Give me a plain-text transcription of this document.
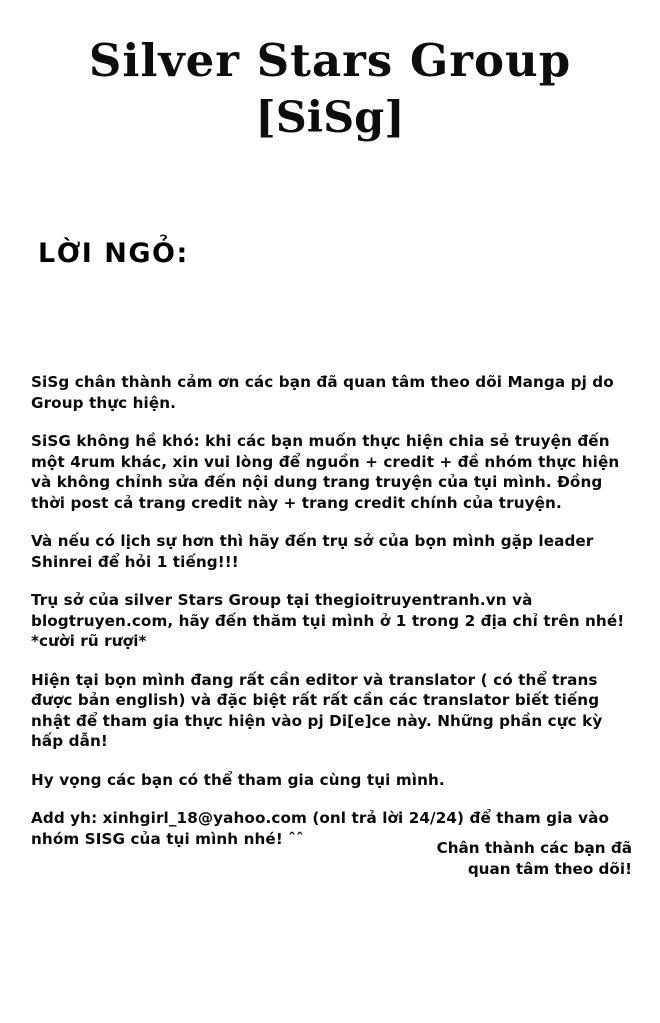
Silver Stars Group
[SiSg]
LỜI NGỎ:

SiSg chân thành cảm ơn các bạn đã quan tâm theo dõi Manga pj do Group thực hiện.

SiSG không hề khó: khi các bạn muốn thực hiện chia sẻ truyện đến một 4rum khác, xin vui lòng để nguồn + credit + đề nhóm thực hiện và không chỉnh sửa đến nội dung trang truyện của tụi mình. Đồng thời post cả trang credit này + trang credit chính của truyện.

Và nếu có lịch sự hơn thì hãy đến trụ sở của bọn mình gặp leader Shinrei để hỏi 1 tiếng!!!

Trụ sở của silver Stars Group tại thegioitruyentranh.vn và blogtruyen.com, hãy đến thăm tụi mình ở 1 trong 2 địa chỉ trên nhé! *cười rũ rượi*

Hiện tại bọn mình đang rất cần editor và translator ( có thể trans được bản english) và đặc biệt rất rất cần các translator biết tiếng nhật để tham gia thực hiện vào pj Di[e]ce này. Những phần cực kỳ hấp dẫn!

Hy vọng các bạn có thể tham gia cùng tụi mình.

Add yh: xinhgirl_18@yahoo.com (onl trả lời 24/24) để tham gia vào nhóm SISG của tụi mình nhé! ˆˆ

Chân thành các bạn đã
quan tâm theo dõi!
